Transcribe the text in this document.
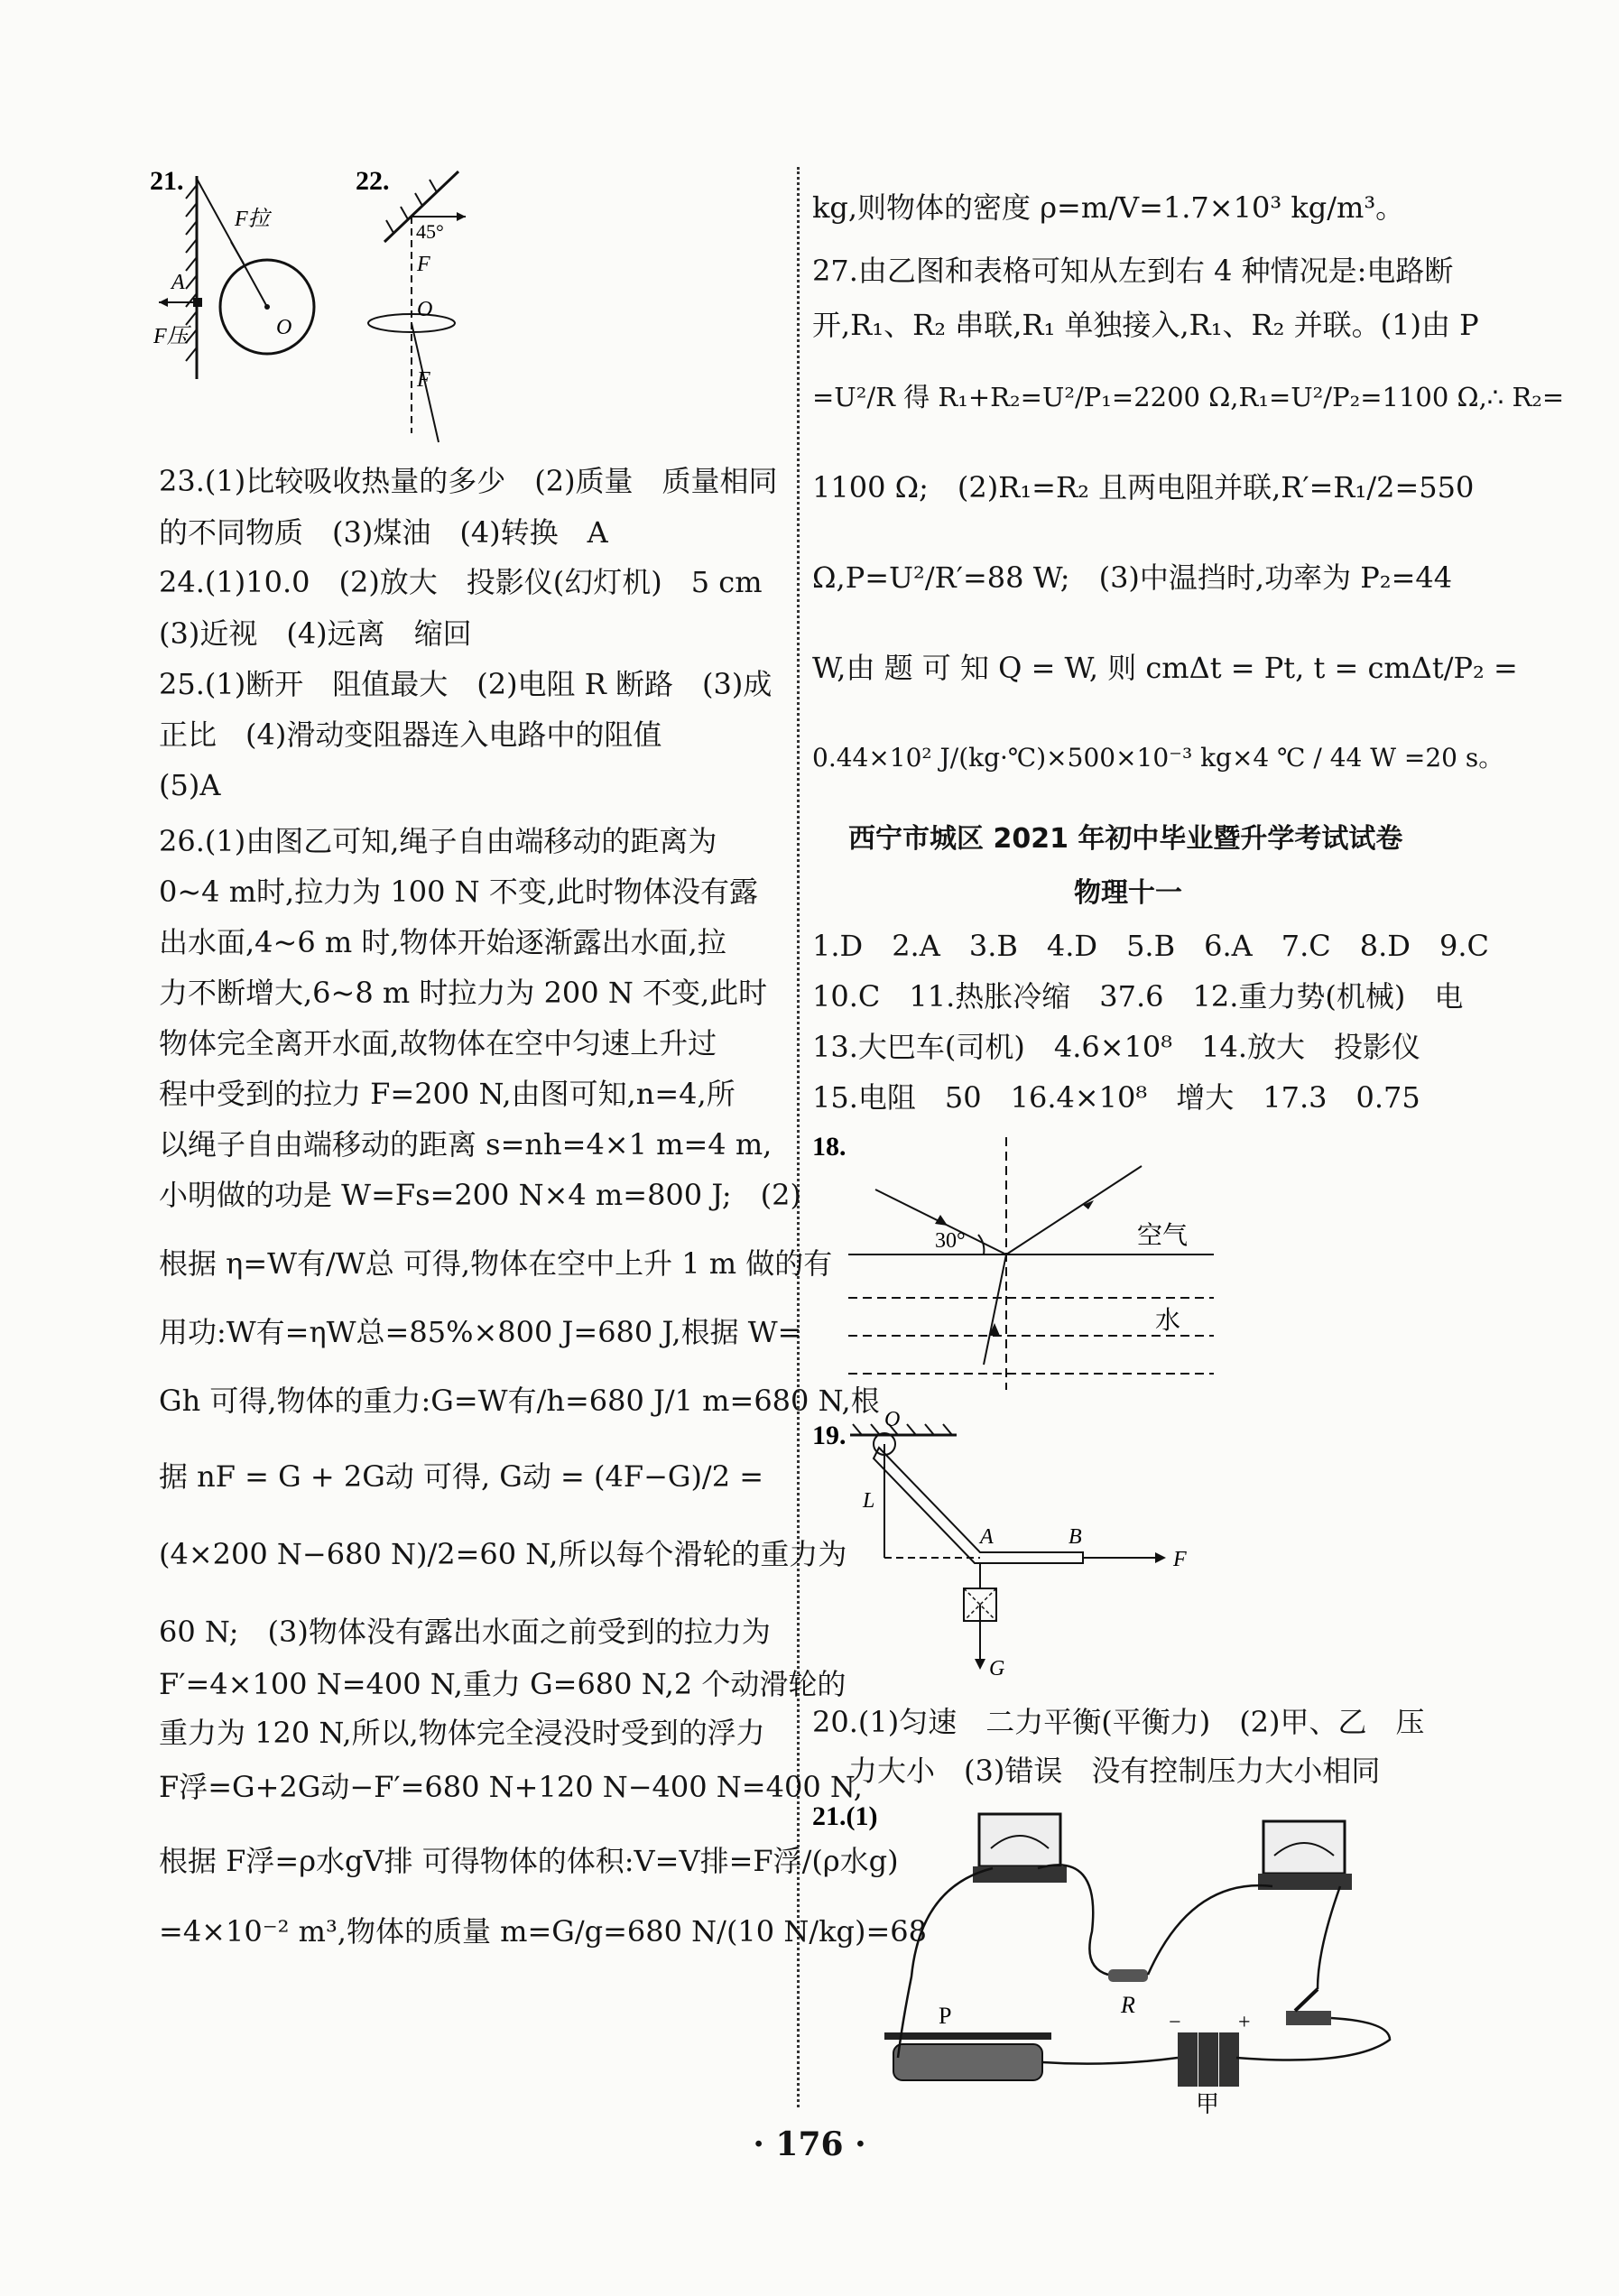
21.
F拉
A
F压	O
22.
45°
F
O
F
23.(1)比较吸收热量的多少　(2)质量　质量相同
的不同物质　(3)煤油　(4)转换　A
24.(1)10.0　(2)放大　投影仪(幻灯机)　5 cm
(3)近视　(4)远离　缩回
25.(1)断开　阻值最大　(2)电阻 R 断路　(3)成
正比　(4)滑动变阻器连入电路中的阻值
(5)A
26.(1)由图乙可知,绳子自由端移动的距离为
0~4 m时,拉力为 100 N 不变,此时物体没有露
出水面,4~6 m 时,物体开始逐渐露出水面,拉
力不断增大,6~8 m 时拉力为 200 N 不变,此时
物体完全离开水面,故物体在空中匀速上升过
程中受到的拉力 F=200 N,由图可知,n=4,所
以绳子自由端移动的距离 s=nh=4×1 m=4 m,
小明做的功是 W=Fs=200 N×4 m=800 J;　(2)
根据 η=W有/W总 可得,物体在空中上升 1 m 做的有
用功:W有=ηW总=85%×800 J=680 J,根据 W=
Gh 可得,物体的重力:G=W有/h=680 J/1 m=680 N,根
据 nF = G + 2G动 可得, G动 = (4F−G)/2 =
(4×200 N−680 N)/2=60 N,所以每个滑轮的重力为
60 N;　(3)物体没有露出水面之前受到的拉力为
F′=4×100 N=400 N,重力 G=680 N,2 个动滑轮的
重力为 120 N,所以,物体完全浸没时受到的浮力
F浮=G+2G动−F′=680 N+120 N−400 N=400 N,
根据 F浮=ρ水gV排 可得物体的体积:V=V排=F浮/(ρ水g)
=4×10⁻² m³,物体的质量 m=G/g=680 N/(10 N/kg)=68
kg,则物体的密度 ρ=m/V=1.7×10³ kg/m³。
27.由乙图和表格可知从左到右 4 种情况是:电路断
开,R₁、R₂ 串联,R₁ 单独接入,R₁、R₂ 并联。(1)由 P
=U²/R 得 R₁+R₂=U²/P₁=2200 Ω,R₁=U²/P₂=1100 Ω,∴ R₂=
1100 Ω;　(2)R₁=R₂ 且两电阻并联,R′=R₁/2=550
Ω,P=U²/R′=88 W;　(3)中温挡时,功率为 P₂=44
W,由 题 可 知 Q = W, 则 cmΔt = Pt, t = cmΔt/P₂ =
0.44×10² J/(kg·℃)×500×10⁻³ kg×4 ℃ / 44 W =20 s。
西宁市城区 2021 年初中毕业暨升学考试试卷
物理十一
1.D　2.A　3.B　4.D　5.B　6.A　7.C　8.D　9.C
10.C　11.热胀冷缩　37.6　12.重力势(机械)　电
13.大巴车(司机)　4.6×10⁸　14.放大　投影仪
15.电阻　50　16.4×10⁸　增大　17.3　0.75
18.
30°	空气
水
19.
O
L
A	B
F
G
20.(1)匀速　二力平衡(平衡力)　(2)甲、乙　压
力大小　(3)错误　没有控制压力大小相同
21.(1)
R
P	−	+
甲
· 176 ·
